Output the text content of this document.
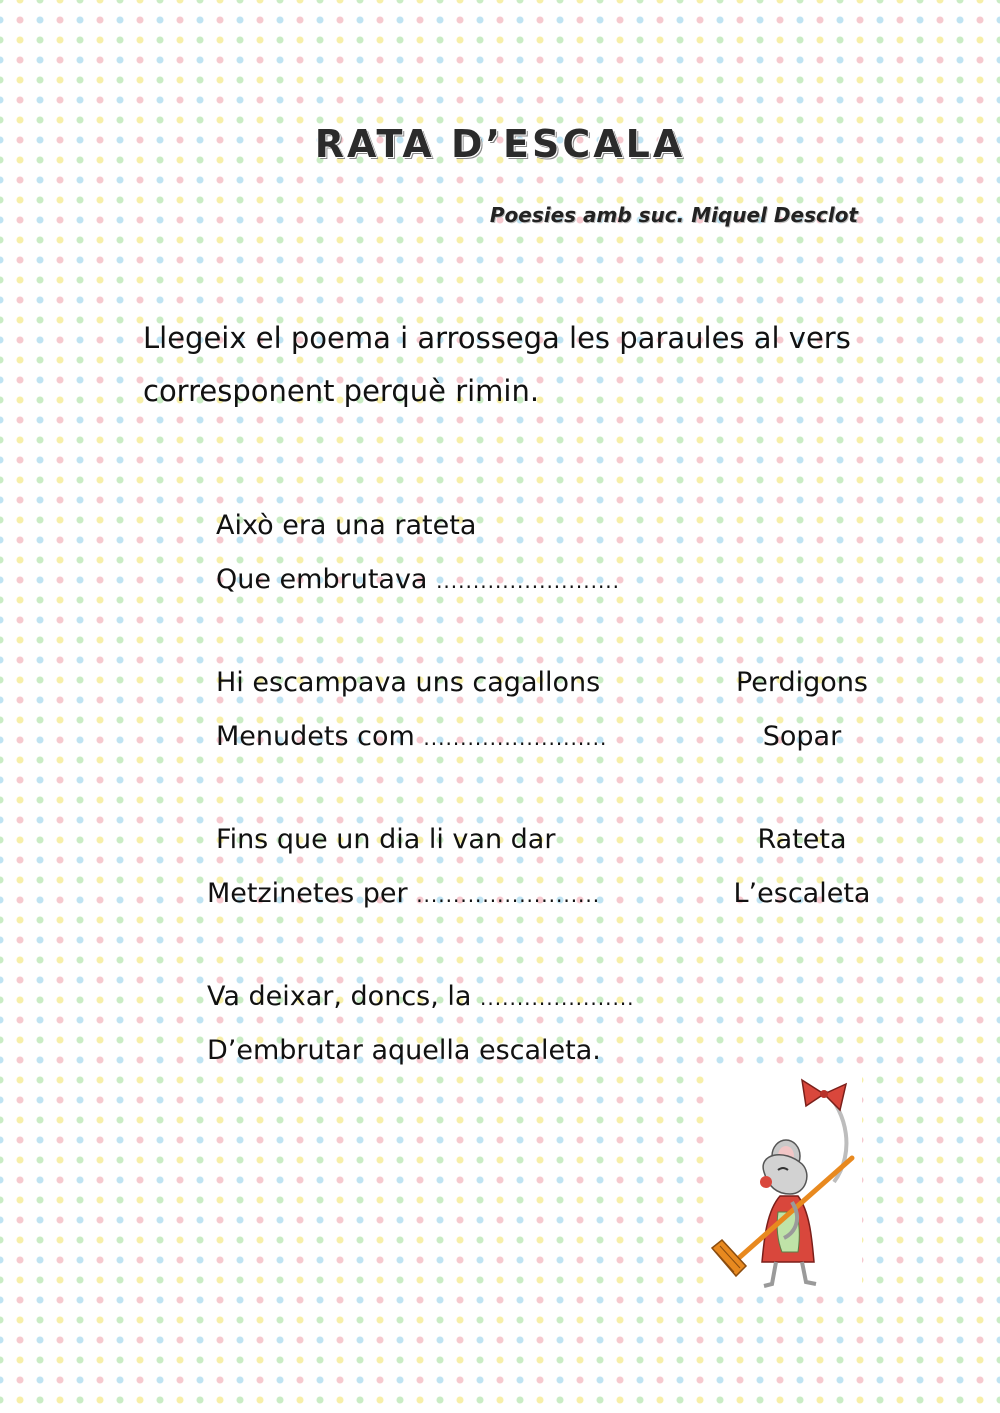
RATA D’ESCALA

Poesies amb suc. Miquel Desclot

Llegeix el poema i arrossega les paraules al vers corresponent perquè rimin.

Això era una rateta
Que embrutava .........................
Hi escampava uns cagallons
Menudets com .........................
Fins que un dia li van dar
Metzinetes per .........................
Va deixar, doncs, la .....................
D’embrutar aquella escaleta.
Perdigons
Sopar
Rateta
L’escaleta
